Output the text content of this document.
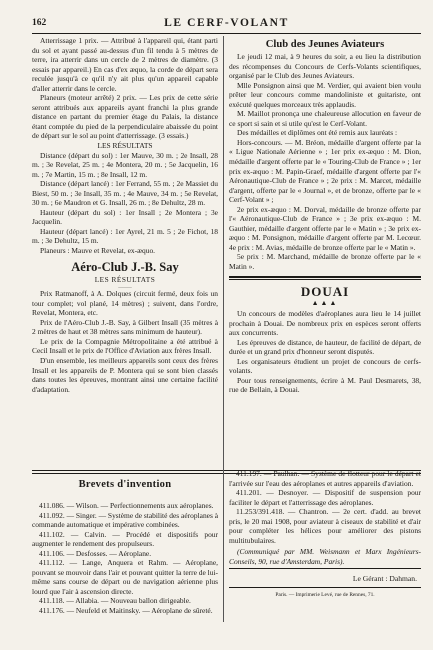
162	LE CERF-VOLANT

Atterrissage 1 prix. — Attribué à l'appareil qui, étant parti du sol et ayant passé au-dessus d'un fil tendu à 5 mètres de terre, ira atterrir dans un cercle de 2 mètres de diamètre. (3 essais par appareil.) En cas d'ex æquo, la corde de départ sera reculée jusqu'à ce qu'il n'y ait plus qu'un appareil capable d'aller atterrir dans le cercle.

Planeurs (moteur arrêté) 2 prix. — Les prix de cette série seront attribués aux appareils ayant franchi la plus grande distance en partant du premier étage du Palais, la distance étant comptée du pied de la perpendiculaire abaissée du point de départ sur le sol au point d'atterrissage. (3 essais.)

LES RÉSULTATS

Distance (départ du sol) : 1er Mauve, 30 m. ; 2e Insall, 28 m. ; 3e Revelat, 25 m. ; 4e Montera, 20 m. ; 5e Jacquelin, 16 m. ; 7e Martin, 15 m. ; 8e Insall, 12 m.

Distance (départ lancé) : 1er Ferrand, 55 m. ; 2e Massiet du Biest, 50 m. ; 3e Insall, 35 m. ; 4e Mauve, 34 m. ; 5e Revelat, 30 m. ; 6e Maudron et G. Insall, 26 m. ; 8e Dehultz, 28 m.

Hauteur (départ du sol) : 1er Insall ; 2e Montera ; 3e Jacquelin.

Hauteur (départ lancé) : 1er Ayrel, 21 m. 5 ; 2e Fichot, 18 m. ; 3e Dehultz, 15 m.

Planeurs : Mauve et Revelat, ex-æquo.

Aéro-Club J.-B. Say

LES RÉSULTATS

———

Prix Ratmanoff, à A. Dolques (circuit fermé, deux fois un tour complet; vol plané, 14 mètres) ; suivent, dans l'ordre, Revelat, Montera, etc.

Prix de l'Aéro-Club J.-B. Say, à Gilbert Insall (35 mètres à 2 mètres de haut et 38 mètres sans minimum de hauteur).

Le prix de la Compagnie Métropolitaine a été attribué à Cecil Insall et le prix de l'Office d'Aviation aux frères Insall.

D'un ensemble, les meilleurs appareils sont ceux des frères Insall et les appareils de P. Montera qui se sont bien classés dans toutes les épreuves, montrant ainsi une certaine facilité d'adaptation.

Club des Jeunes Aviateurs

Le jeudi 12 mai, à 9 heures du soir, a eu lieu la distribution des récompenses du Concours de Cerfs-Volants scientifiques, organisé par le Club des Jeunes Aviateurs.

Mlle Ponsignon ainsi que M. Verdier, qui avaient bien voulu prêter leur concours comme mandoliniste et guitariste, ont exécuté quelques morceaux très applaudis.

M. Maillot prononça une chaleureuse allocution en faveur de ce sport si sain et si utile qu'est le Cerf-Volant.

Des médailles et diplômes ont été remis aux lauréats :

Hors-concours. — M. Bréon, médaille d'argent offerte par la « Ligue Nationale Aérienne » ; 1er prix ex-æquo : M. Dion, médaille d'argent offerte par le « Touring-Club de France » ; 1er prix ex-æquo : M. Papin-Graef, médaille d'argent offerte par l'« Aéronautique-Club de France » ; 2e prix : M. Marcet, médaille d'argent, offerte par le « Journal », et de bronze, offerte par le « Cerf-Volant » ;

2e prix ex-æquo : M. Dorval, médaille de bronze offerte par l'« Aéronautique-Club de France » ; 3e prix ex-æquo : M. Gauthier, médaille d'argent offerte par le « Matin » ; 3e prix ex-æquo : M. Ponsignon, médaille d'argent offerte par M. Lecœur. 4e prix : M. Avias, médaille de bronze offerte par le « Matin ».

5e prix : M. Marchand, médaille de bronze offerte par le « Matin ».

DOUAI
▲▲▲

Un concours de modèles d'aéroplanes aura lieu le 14 juillet prochain à Douai. De nombreux prix en espèces seront offerts aux concurrents.

Les épreuves de distance, de hauteur, de facilité de départ, de durée et un grand prix d'honneur seront disputés.

Les organisateurs étudient un projet de concours de cerfs-volants.

Pour tous renseignements, écrire à M. Paul Desmarets, 38, rue de Bellain, à Douai.

Brevets d'invention

411.086. — Wilson. — Perfectionnements aux aéroplanes.

411.092. — Singer. — Système de stabilité des aéroplanes à commande automatique et impérative combinées.

411.102. — Calvin. — Procédé et dispositifs pour augmenter le rendement des propulseurs.

411.106. — Desfosses. — Aéroplane.

411.112. — Lange, Anquera et Rahm. — Aéroplane, pouvant se mouvoir dans l'air et pouvant quitter la terre de lui-même sans course de départ ou de navigation aérienne plus lourd que l'air à ascension directe.

411.118. — Allabia. — Nouveau ballon dirigeable.

411.176. — Neufeld et Maitinsky. — Aéroplane de sûreté.

411.197. — Paulhan. — Système de flotteur pour le départ et l'arrivée sur l'eau des aéroplanes et autres appareils d'aviation.

411.201. — Desnoyer. — Dispositif de suspension pour faciliter le départ et l'atterrissage des aéroplanes.

11.253/391.418. — Chantron. — 2e cert. d'add. au brevet pris, le 20 mai 1908, pour aviateur à ciseaux de stabilité et d'air pour compléter les hélices pour améliorer des pistons multitubulaires.

(Communiqué par MM. Weismann et Marx Ingénieurs-Conseils, 90, rue d'Amsterdam, Paris).

Le Gérant : Dahman.

Paris. — Imprimerie Levé, rue de Rennes, 71.
